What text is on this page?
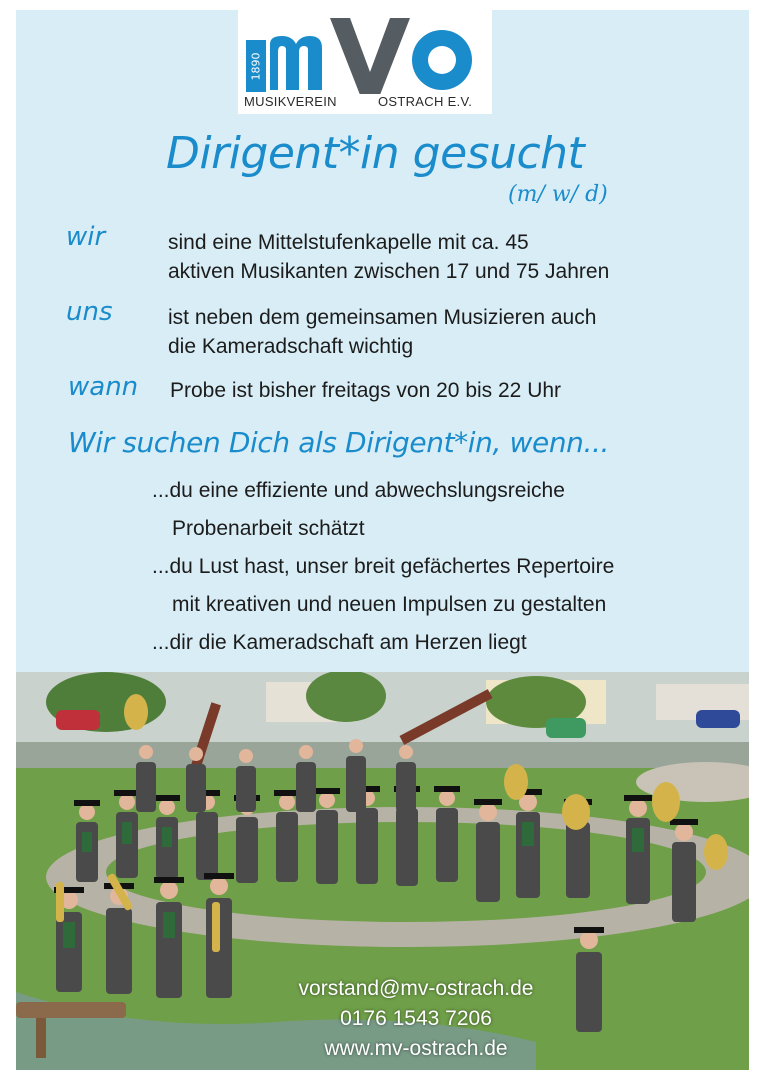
1890
MUSIKVEREIN	OSTRACH E.V.
Dirigent*in gesucht
(m/ w/ d)
wir	sind eine Mittelstufenkapelle mit ca. 45
aktiven Musikanten zwischen 17 und 75 Jahren
uns	ist neben dem gemeinsamen Musizieren auch
die Kameradschaft wichtig
wann Probe ist bisher freitags von 20 bis 22 Uhr
Wir suchen Dich als Dirigent*in, wenn...
...du eine effiziente und abwechslungsreiche
Probenarbeit schätzt
...du Lust hast, unser breit gefächertes Repertoire
mit kreativen und neuen Impulsen zu gestalten
...dir die Kameradschaft am Herzen liegt
vorstand@mv-ostrach.de
0176 1543 7206
www.mv-ostrach.de
